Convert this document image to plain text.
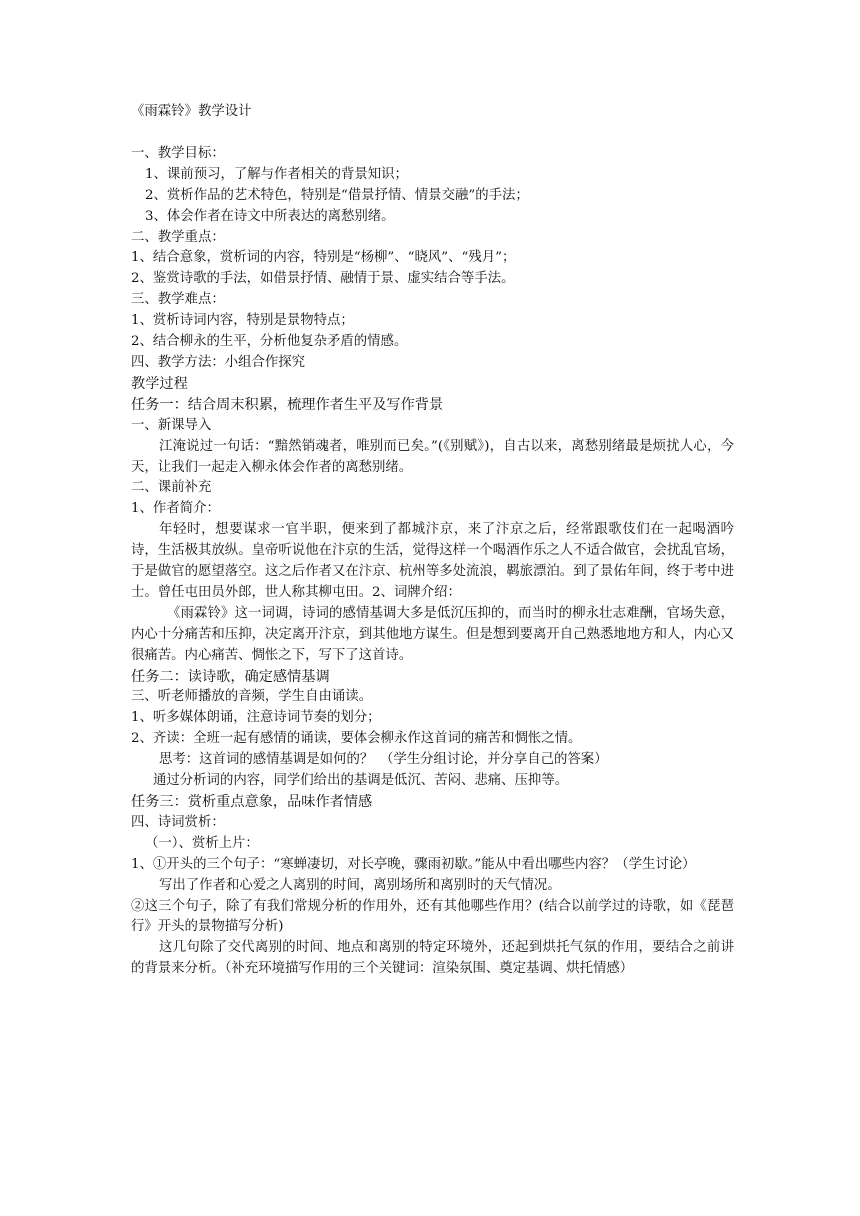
《雨霖铃》教学设计
一、教学目标：
1、课前预习，了解与作者相关的背景知识；
2、赏析作品的艺术特色，特别是“借景抒情、情景交融”的手法；
3、体会作者在诗文中所表达的离愁别绪。
二、教学重点：
1、结合意象，赏析词的内容，特别是“杨柳”、“晓风”、“残月”；
2、鉴赏诗歌的手法，如借景抒情、融情于景、虚实结合等手法。
三、教学难点：
1、赏析诗词内容，特别是景物特点；
2、结合柳永的生平，分析他复杂矛盾的情感。
四、教学方法：小组合作探究
教学过程
任务一：结合周末积累，梳理作者生平及写作背景
一、新课导入
江淹说过一句话：“黯然销魂者，唯别而已矣。”(《别赋》)，自古以来，离愁别绪最是烦扰人心，今天，让我们一起走入柳永体会作者的离愁别绪。
二、课前补充
1、作者简介：
年轻时，想要谋求一官半职，便来到了都城汴京，来了汴京之后，经常跟歌伎们在一起喝酒吟诗，生活极其放纵。皇帝听说他在汴京的生活，觉得这样一个喝酒作乐之人不适合做官，会扰乱官场，于是做官的愿望落空。这之后作者又在汴京、杭州等多处流浪，羁旅漂泊。到了景佑年间，终于考中进士。曾任屯田员外郎，世人称其柳屯田。2、词牌介绍：
《雨霖铃》这一词调，诗词的感情基调大多是低沉压抑的，而当时的柳永壮志难酬，官场失意，内心十分痛苦和压抑，决定离开汴京，到其他地方谋生。但是想到要离开自己熟悉地地方和人，内心又很痛苦。内心痛苦、惆怅之下，写下了这首诗。
任务二：读诗歌，确定感情基调
三、听老师播放的音频，学生自由诵读。
1、听多媒体朗诵，注意诗词节奏的划分；
2、齐读：全班一起有感情的诵读，要体会柳永作这首词的痛苦和惆怅之情。
思考：这首词的感情基调是如何的？　（学生分组讨论，并分享自己的答案）
通过分析词的内容，同学们给出的基调是低沉、苦闷、悲痛、压抑等。
任务三：赏析重点意象，品味作者情感
四、诗词赏析：
（一）、赏析上片：
1、①开头的三个句子：“寒蝉凄切，对长亭晚，骤雨初歇。”能从中看出哪些内容？（学生讨论）
写出了作者和心爱之人离别的时间，离别场所和离别时的天气情况。
②这三个句子，除了有我们常规分析的作用外，还有其他哪些作用？(结合以前学过的诗歌，如《琵琶行》开头的景物描写分析)
这几句除了交代离别的时间、地点和离别的特定环境外，还起到烘托气氛的作用，要结合之前讲的背景来分析。（补充环境描写作用的三个关键词：渲染氛围、奠定基调、烘托情感）
